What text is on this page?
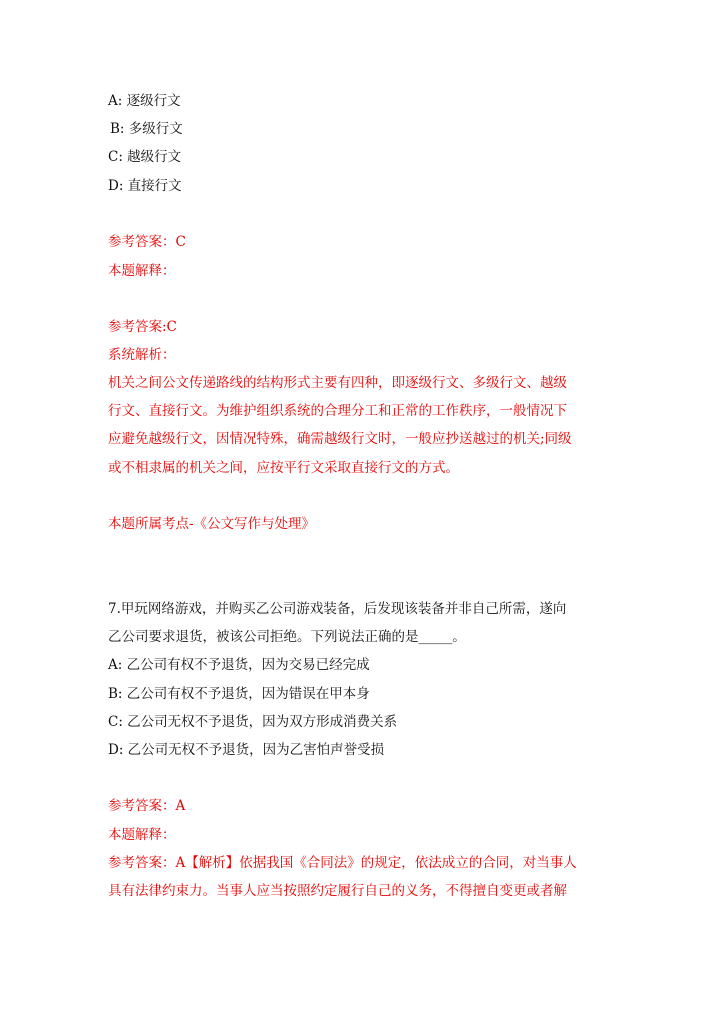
A: 逐级行文
B: 多级行文
C: 越级行文
D: 直接行文
参考答案：C
本题解释：
参考答案:C
系统解析：
机关之间公文传递路线的结构形式主要有四种，即逐级行文、多级行文、越级
行文、直接行文。为维护组织系统的合理分工和正常的工作秩序，一般情况下
应避免越级行文，因情况特殊，确需越级行文时，一般应抄送越过的机关;同级
或不相隶属的机关之间，应按平行文采取直接行文的方式。
本题所属考点-《公文写作与处理》
7.甲玩网络游戏，并购买乙公司游戏装备，后发现该装备并非自己所需，遂向
乙公司要求退货，被该公司拒绝。下列说法正确的是_____。
A: 乙公司有权不予退货，因为交易已经完成
B: 乙公司有权不予退货，因为错误在甲本身
C: 乙公司无权不予退货，因为双方形成消费关系
D: 乙公司无权不予退货，因为乙害怕声誉受损
参考答案：A
本题解释：
参考答案：A【解析】依据我国《合同法》的规定，依法成立的合同，对当事人
具有法律约束力。当事人应当按照约定履行自己的义务，不得擅自变更或者解
